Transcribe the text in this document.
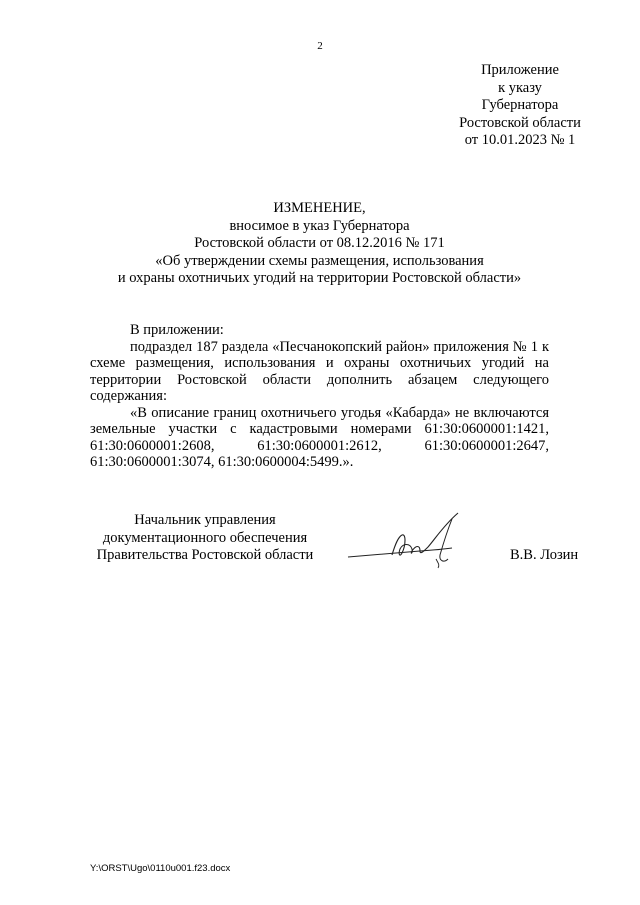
2
Приложение
к указу
Губернатора
Ростовской области
от 10.01.2023 № 1
ИЗМЕНЕНИЕ,
вносимое в указ Губернатора
Ростовской области от 08.12.2016 № 171
«Об утверждении схемы размещения, использования
и охраны охотничьих угодий на территории Ростовской области»

В приложении:

подраздел 187 раздела «Песчанокопский район» приложения № 1 к схеме размещения, использования и охраны охотничьих угодий на территории Ростовской области дополнить абзацем следующего содержания:

«В описание границ охотничьего угодья «Кабарда» не включаются земельные участки с кадастровыми номерами 61:30:0600001:1421, 61:30:0600001:2608, 61:30:0600001:2612, 61:30:0600001:2647, 61:30:0600001:3074, 61:30:0600004:5499.».

Начальник управления
документационного обеспечения
Правительства Ростовской области	В.В. Лозин
Y:\ORST\Ugo\0110u001.f23.docx
